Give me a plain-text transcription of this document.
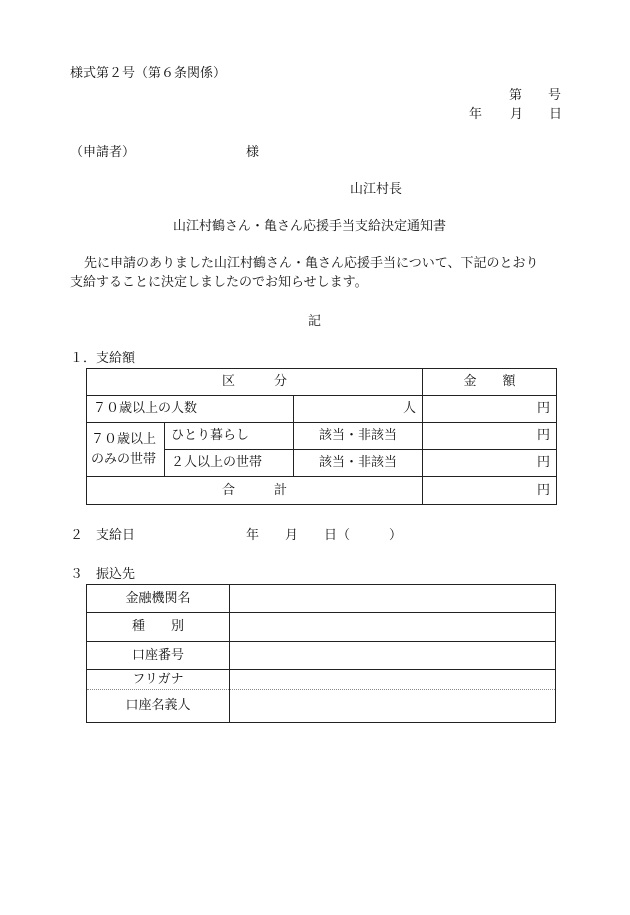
様式第２号（第６条関係）
第 号
年 月 日
（申請者）	様
山江村長
山江村鶴さん・亀さん応援手当支給決定通知書
先に申請のありました山江村鶴さん・亀さん応援手当について、下記のとおり
支給することに決定しましたのでお知らせします。
記
１．支給額
区　　　分			金　　額
７０歳以上の人数		人	円

７０歳以上
のみの世帯	ひとり暮らし	該当・非該当	円
	２人以上の世帯	該当・非該当	円
合　　　計			円
２　支給日	年　　月　　日（　　　）
３　振込先
金融機関名	
種　　別	
口座番号	
フリガナ	
口座名義人	
